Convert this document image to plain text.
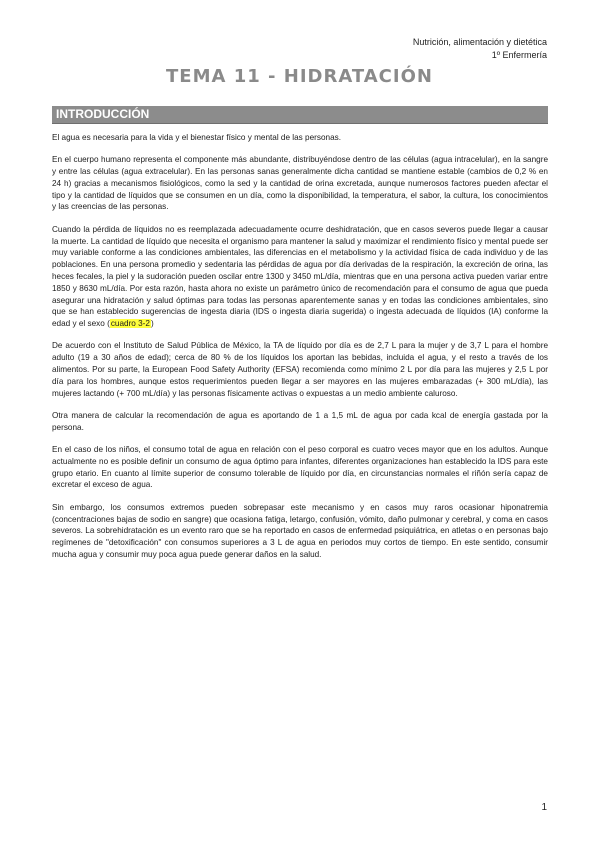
Nutrición, alimentación y dietética
1º Enfermería
TEMA 11 - HIDRATACIÓN
INTRODUCCIÓN

El agua es necesaria para la vida y el bienestar físico y mental de las personas.

En el cuerpo humano representa el componente más abundante, distribuyéndose dentro de las células (agua intracelular), en la sangre y entre las células (agua extracelular). En las personas sanas generalmente dicha cantidad se mantiene estable (cambios de 0,2 % en 24 h) gracias a mecanismos fisiológicos, como la sed y la cantidad de orina excretada, aunque numerosos factores pueden afectar el tipo y la cantidad de líquidos que se consumen en un día, como la disponibilidad, la temperatura, el sabor, la cultura, los conocimientos y las creencias de las personas.

Cuando la pérdida de líquidos no es reemplazada adecuadamente ocurre deshidratación, que en casos severos puede llegar a causar la muerte. La cantidad de líquido que necesita el organismo para mantener la salud y maximizar el rendimiento físico y mental puede ser muy variable conforme a las condiciones ambientales, las diferencias en el metabolismo y la actividad física de cada individuo y de las poblaciones. En una persona promedio y sedentaria las pérdidas de agua por día derivadas de la respiración, la excreción de orina, las heces fecales, la piel y la sudoración pueden oscilar entre 1300 y 3450 mL/día, mientras que en una persona activa pueden variar entre 1850 y 8630 mL/día. Por esta razón, hasta ahora no existe un parámetro único de recomendación para el consumo de agua que pueda asegurar una hidratación y salud óptimas para todas las personas aparentemente sanas y en todas las condiciones ambientales, sino que se han establecido sugerencias de ingesta diaria (IDS o ingesta diaria sugerida) o ingesta adecuada de líquidos (IA) conforme la edad y el sexo (cuadro 3-2)

De acuerdo con el Instituto de Salud Pública de México, la TA de líquido por día es de 2,7 L para la mujer y de 3,7 L para el hombre adulto (19 a 30 años de edad); cerca de 80 % de los líquidos los aportan las bebidas, incluida el agua, y el resto a través de los alimentos. Por su parte, la European Food Safety Authority (EFSA) recomienda como mínimo 2 L por día para las mujeres y 2,5 L por día para los hombres, aunque estos requerimientos pueden llegar a ser mayores en las mujeres embarazadas (+ 300 mL/día), las mujeres lactando (+ 700 mL/día) y las personas físicamente activas o expuestas a un medio ambiente caluroso.

Otra manera de calcular la recomendación de agua es aportando de 1 a 1,5 mL de agua por cada kcal de energía gastada por la persona.

En el caso de los niños, el consumo total de agua en relación con el peso corporal es cuatro veces mayor que en los adultos. Aunque actualmente no es posible definir un consumo de agua óptimo para infantes, diferentes organizaciones han establecido la IDS para este grupo etario. En cuanto al límite superior de consumo tolerable de líquido por día, en circunstancias normales el riñón sería capaz de excretar el exceso de agua.

Sin embargo, los consumos extremos pueden sobrepasar este mecanismo y en casos muy raros ocasionar hiponatremia (concentraciones bajas de sodio en sangre) que ocasiona fatiga, letargo, confusión, vómito, daño pulmonar y cerebral, y coma en casos severos. La sobrehidratación es un evento raro que se ha reportado en casos de enfermedad psiquiátrica, en atletas o en personas bajo regímenes de "detoxificación" con consumos superiores a 3 L de agua en periodos muy cortos de tiempo. En este sentido, consumir mucha agua y consumir muy poca agua puede generar daños en la salud.

1
